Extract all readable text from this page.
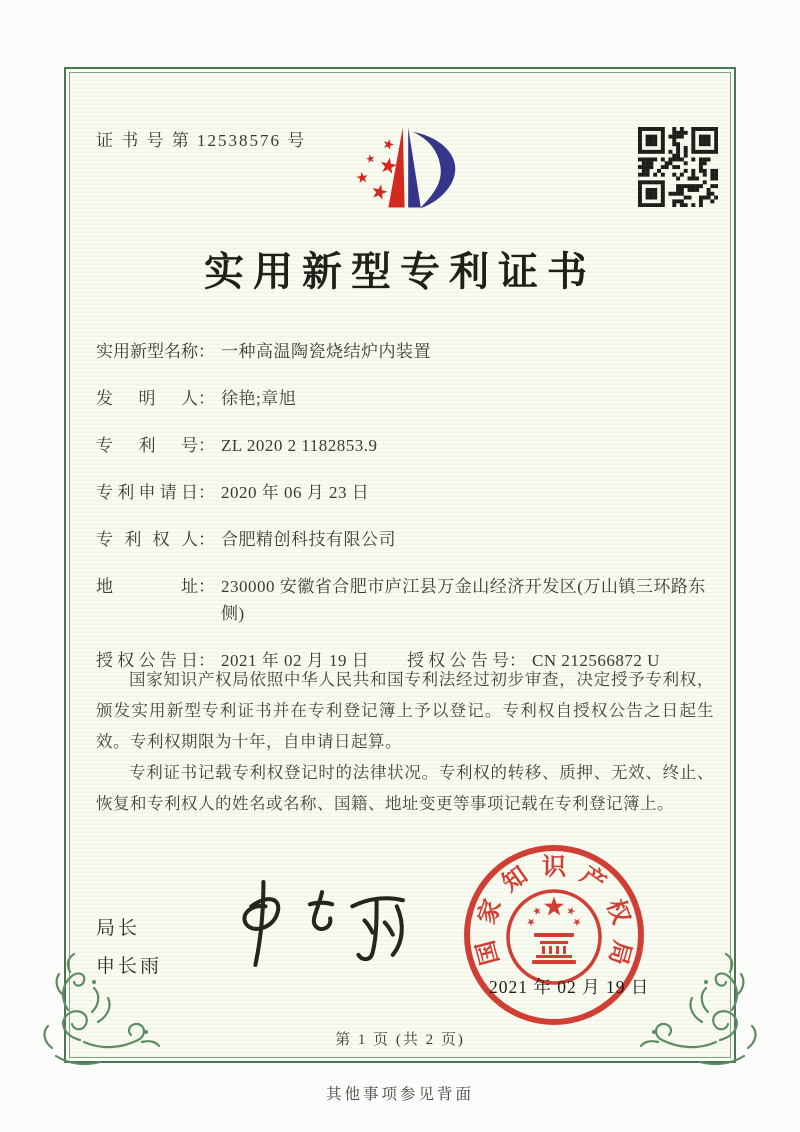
证 书 号 第 12538576 号
实用新型专利证书
实用新型名称 ： 一种高温陶瓷烧结炉内装置
发明人 ： 徐艳;章旭
专利号 ： ZL 2020 2 1182853.9
专利申请日 ： 2020 年 06 月 23 日
专利权人 ： 合肥精创科技有限公司
地址 ： 230000 安徽省合肥市庐江县万金山经济开发区(万山镇三环路东侧)
授权公告日 ： 2021 年 02 月 19 日	授权公告号 ： CN 212566872 U

国家知识产权局依照中华人民共和国专利法经过初步审查，决定授予专利权，颁发实用新型专利证书并在专利登记簿上予以登记。专利权自授权公告之日起生效。专利权期限为十年，自申请日起算。

专利证书记载专利权登记时的法律状况。专利权的转移、质押、无效、终止、恢复和专利权人的姓名或名称、国籍、地址变更等事项记载在专利登记簿上。

局长
申长雨	国
家
知 识 产
权
局
2021 年 02 月 19 日
第 1 页 (共 2 页)
其他事项参见背面
